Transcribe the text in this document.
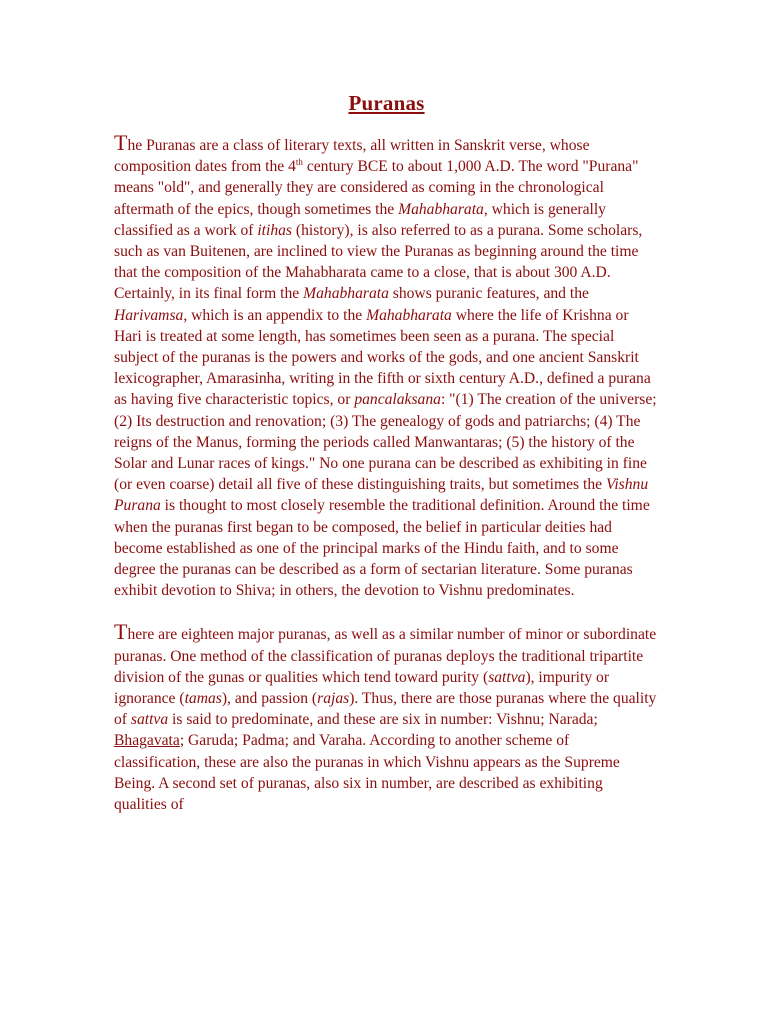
Puranas

The Puranas are a class of literary texts, all written in Sanskrit verse, whose composition dates from the 4th century BCE to about 1,000 A.D. The word "Purana" means "old", and generally they are considered as coming in the chronological aftermath of the epics, though sometimes the Mahabharata, which is generally classified as a work of itihas (history), is also referred to as a purana. Some scholars, such as van Buitenen, are inclined to view the Puranas as beginning around the time that the composition of the Mahabharata came to a close, that is about 300 A.D. Certainly, in its final form the Mahabharata shows puranic features, and the Harivamsa, which is an appendix to the Mahabharata where the life of Krishna or Hari is treated at some length, has sometimes been seen as a purana. The special subject of the puranas is the powers and works of the gods, and one ancient Sanskrit lexicographer, Amarasinha, writing in the fifth or sixth century A.D., defined a purana as having five characteristic topics, or pancalaksana: "(1) The creation of the universe; (2) Its destruction and renovation; (3) The genealogy of gods and patriarchs; (4) The reigns of the Manus, forming the periods called Manwantaras; (5) the history of the Solar and Lunar races of kings." No one purana can be described as exhibiting in fine (or even coarse) detail all five of these distinguishing traits, but sometimes the Vishnu Purana is thought to most closely resemble the traditional definition. Around the time when the puranas first began to be composed, the belief in particular deities had become established as one of the principal marks of the Hindu faith, and to some degree the puranas can be described as a form of sectarian literature. Some puranas exhibit devotion to Shiva; in others, the devotion to Vishnu predominates.

There are eighteen major puranas, as well as a similar number of minor or subordinate puranas. One method of the classification of puranas deploys the traditional tripartite division of the gunas or qualities which tend toward purity (sattva), impurity or ignorance (tamas), and passion (rajas). Thus, there are those puranas where the quality of sattva is said to predominate, and these are six in number: Vishnu; Narada; Bhagavata; Garuda; Padma; and Varaha. According to another scheme of classification, these are also the puranas in which Vishnu appears as the Supreme Being. A second set of puranas, also six in number, are described as exhibiting qualities of
